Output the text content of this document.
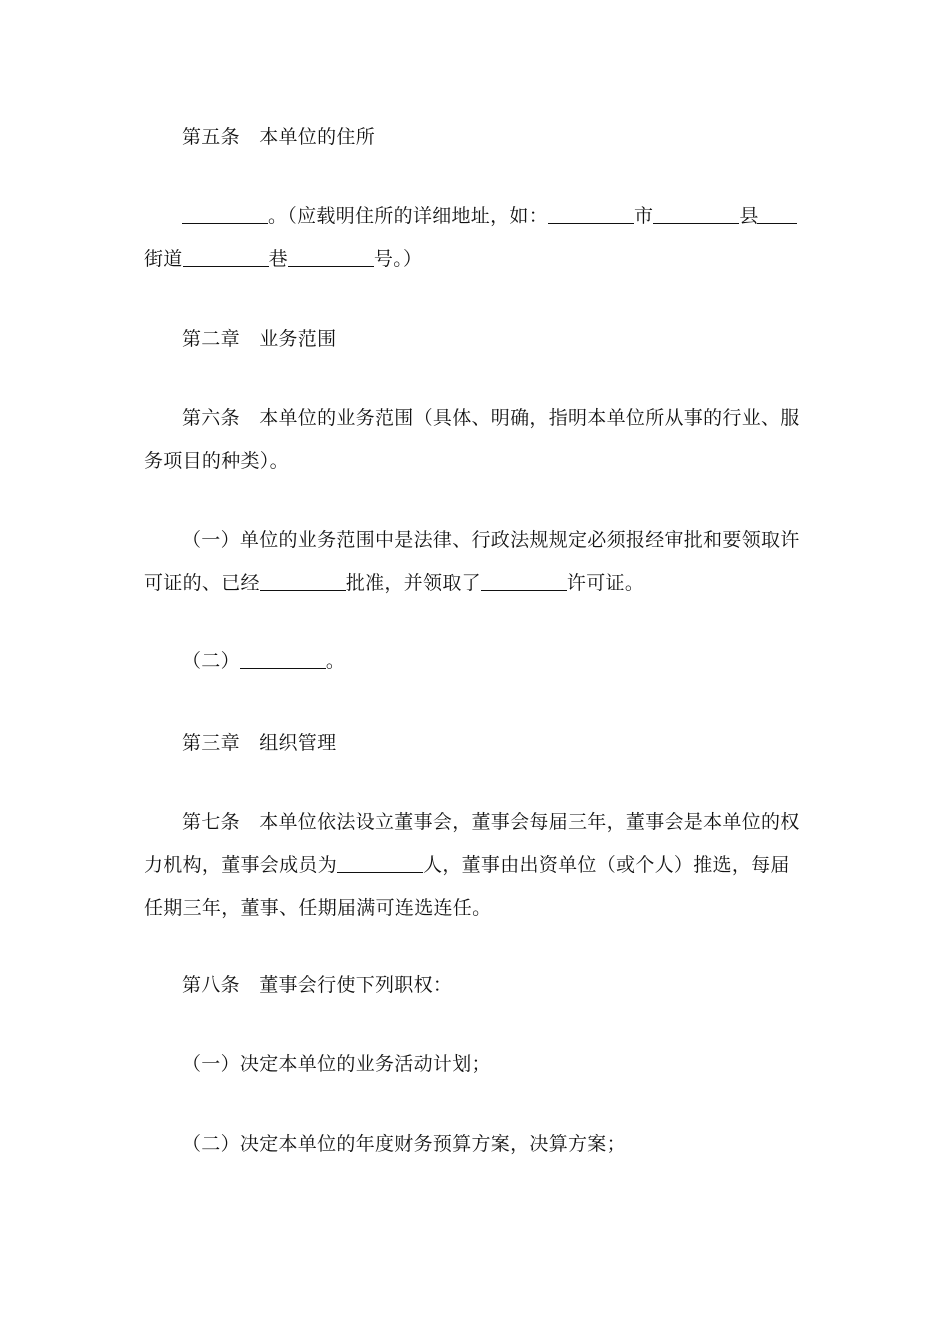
第五条　本单位的住所

。（应载明住所的详细地址，如：	市	县街道	巷	号。）

第二章　业务范围

第六条　本单位的业务范围（具体、明确，指明本单位所从事的行业、服务项目的种类）。

（一）单位的业务范围中是法律、行政法规规定必须报经审批和要领取许可证的、已经	批准，并领取了	许可证。

（二）	。

第三章　组织管理

第七条　本单位依法设立董事会，董事会每届三年，董事会是本单位的权力机构，董事会成员为	人，董事由出资单位（或个人）推选，每届任期三年，董事、任期届满可连选连任。

第八条　董事会行使下列职权：

（一）决定本单位的业务活动计划；

（二）决定本单位的年度财务预算方案，决算方案；
